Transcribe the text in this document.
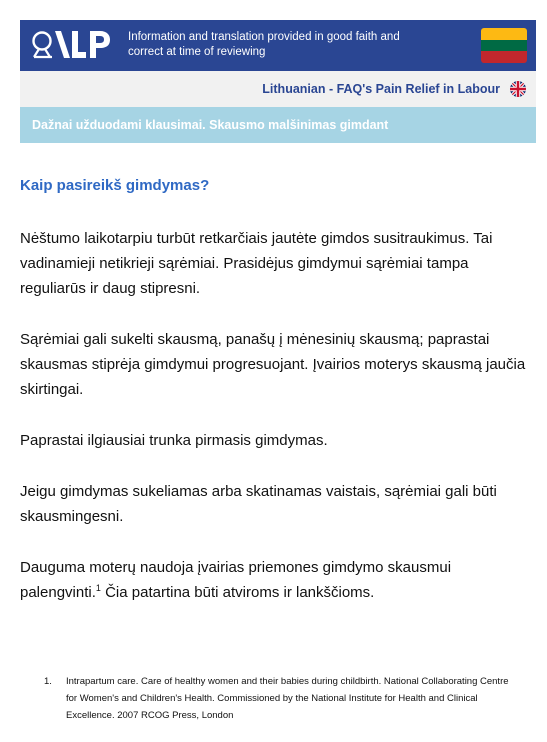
Information and translation provided in good faith and correct at time of reviewing
Lithuanian - FAQ's Pain Relief in Labour
Dažnai užduodami klausimai. Skausmo malšinimas gimdant
Kaip pasireikš gimdymas?

Nėštumo laikotarpiu turbūt retkarčiais jautėte gimdos susitraukimus. Tai vadinamieji netikrieji sąrėmiai. Prasidėjus gimdymui sąrėmiai tampa reguliarūs ir daug stipresni.

Sąrėmiai gali sukelti skausmą, panašų į mėnesinių skausmą; paprastai skausmas stiprėja gimdymui progresuojant. Įvairios moterys skausmą jaučia skirtingai.

Paprastai ilgiausiai trunka pirmasis gimdymas.

Jeigu gimdymas sukeliamas arba skatinamas vaistais, sąrėmiai gali būti skausmingesni.

Dauguma moterų naudoja įvairias priemones gimdymo skausmui palengvinti.$^1$ Čia patartina būti atviroms ir lankščioms.

1. Intrapartum care. Care of healthy women and their babies during childbirth. National Collaborating Centre for Women's and Children's Health. Commissioned by the National Institute for Health and Clinical Excellence. 2007 RCOG Press, London
